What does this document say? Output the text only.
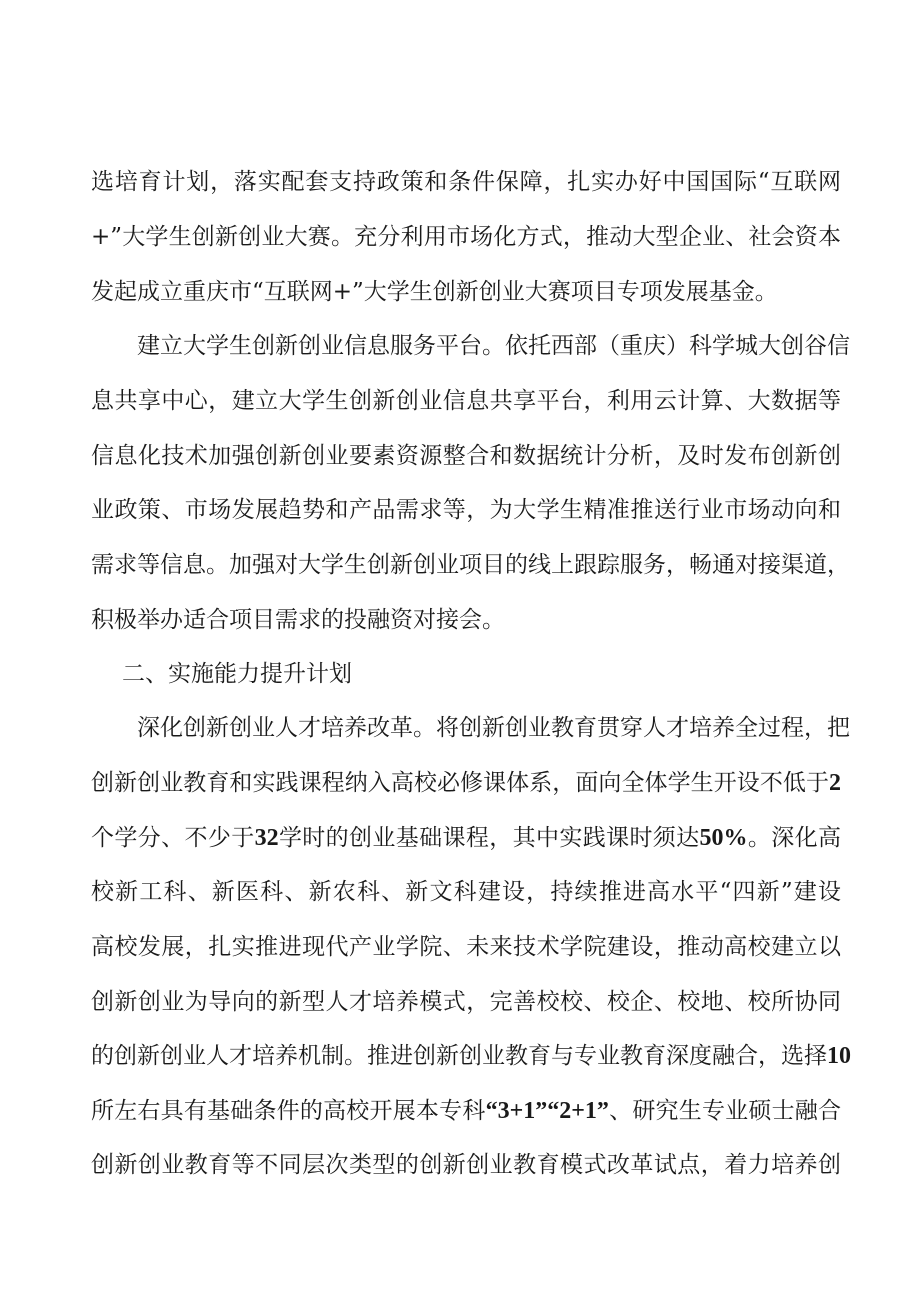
选培育计划，落实配套支持政策和条件保障，扎实办好中国国际“互联网
+”大学生创新创业大赛。充分利用市场化方式，推动大型企业、社会资本
发起成立重庆市“互联网+”大学生创新创业大赛项目专项发展基金。
建立大学生创新创业信息服务平台。依托西部（重庆）科学城大创谷信
息共享中心，建立大学生创新创业信息共享平台，利用云计算、大数据等
信息化技术加强创新创业要素资源整合和数据统计分析，及时发布创新创
业政策、市场发展趋势和产品需求等，为大学生精准推送行业市场动向和
需求等信息。加强对大学生创新创业项目的线上跟踪服务，畅通对接渠道，
积极举办适合项目需求的投融资对接会。
二、实施能力提升计划
深化创新创业人才培养改革。将创新创业教育贯穿人才培养全过程，把
创新创业教育和实践课程纳入高校必修课体系，面向全体学生开设不低于2
个学分、不少于32学时的创业基础课程，其中实践课时须达50%。深化高
校新工科、新医科、新农科、新文科建设，持续推进高水平“四新”建设
高校发展，扎实推进现代产业学院、未来技术学院建设，推动高校建立以
创新创业为导向的新型人才培养模式，完善校校、校企、校地、校所协同
的创新创业人才培养机制。推进创新创业教育与专业教育深度融合，选择10
所左右具有基础条件的高校开展本专科“3+1”“2+1”、研究生专业硕士融合
创新创业教育等不同层次类型的创新创业教育模式改革试点，着力培养创
